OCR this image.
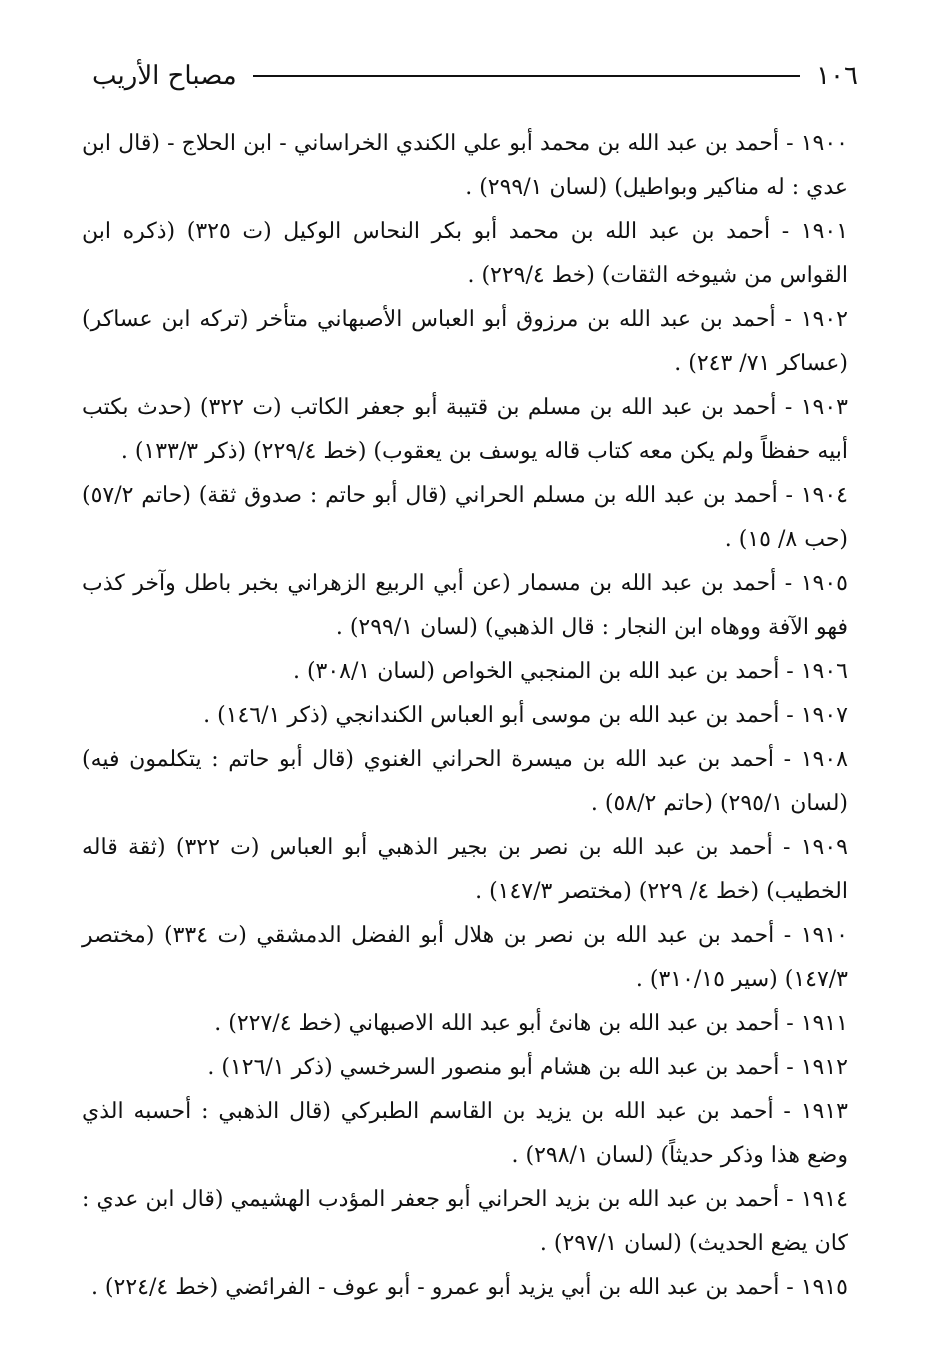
١٠٦
مصباح الأريب

١٩٠٠ - أحمد بن عبد الله بن محمد أبو علي الكندي الخراساني - ابن الحلاج - (قال ابن عدي : له مناكير وبواطيل) (لسان ٢٩٩/١) .

١٩٠١ - أحمد بن عبد الله بن محمد أبو بكر النحاس الوكيل (ت ٣٢٥) (ذكره ابن القواس من شيوخه الثقات) (خط ٢٢٩/٤) .

١٩٠٢ - أحمد بن عبد الله بن مرزوق أبو العباس الأصبهاني متأخر (تركه ابن عساكر) (عساكر ٧١/ ٢٤٣) .

١٩٠٣ - أحمد بن عبد الله بن مسلم بن قتيبة أبو جعفر الكاتب (ت ٣٢٢) (حدث بكتب أبيه حفظاً ولم يكن معه كتاب قاله يوسف بن يعقوب) (خط ٢٢٩/٤) (ذكر ١٣٣/٣) .

١٩٠٤ - أحمد بن عبد الله بن مسلم الحراني (قال أبو حاتم : صدوق ثقة) (حاتم ٥٧/٢) (حب ٨/ ١٥) .

١٩٠٥ - أحمد بن عبد الله بن مسمار (عن أبي الربيع الزهراني بخبر باطل وآخر كذب فهو الآفة ووهاه ابن النجار : قال الذهبي) (لسان ٢٩٩/١) .

١٩٠٦ - أحمد بن عبد الله بن المنجبي الخواص (لسان ٣٠٨/١) .

١٩٠٧ - أحمد بن عبد الله بن موسى أبو العباس الكندانجي (ذكر ١٤٦/١) .

١٩٠٨ - أحمد بن عبد الله بن ميسرة الحراني الغنوي (قال أبو حاتم : يتكلمون فيه) (لسان ٢٩٥/١) (حاتم ٥٨/٢) .

١٩٠٩ - أحمد بن عبد الله بن نصر بن بجير الذهبي أبو العباس (ت ٣٢٢) (ثقة قاله الخطيب) (خط ٤/ ٢٢٩) (مختصر ١٤٧/٣) .

١٩١٠ - أحمد بن عبد الله بن نصر بن هلال أبو الفضل الدمشقي (ت ٣٣٤) (مختصر ١٤٧/٣) (سير ٣١٠/١٥) .

١٩١١ - أحمد بن عبد الله بن هانئ أبو عبد الله الاصبهاني (خط ٢٢٧/٤) .

١٩١٢ - أحمد بن عبد الله بن هشام أبو منصور السرخسي (ذكر ١٢٦/١) .

١٩١٣ - أحمد بن عبد الله بن يزيد بن القاسم الطبركي (قال الذهبي : أحسبه الذي وضع هذا وذكر حديثاً) (لسان ٢٩٨/١) .

١٩١٤ - أحمد بن عبد الله بن بزيد الحراني أبو جعفر المؤدب الهشيمي (قال ابن عدي : كان يضع الحديث) (لسان ٢٩٧/١) .

١٩١٥ - أحمد بن عبد الله بن أبي يزيد أبو عمرو - أبو عوف - الفرائضي (خط ٢٢٤/٤) .
